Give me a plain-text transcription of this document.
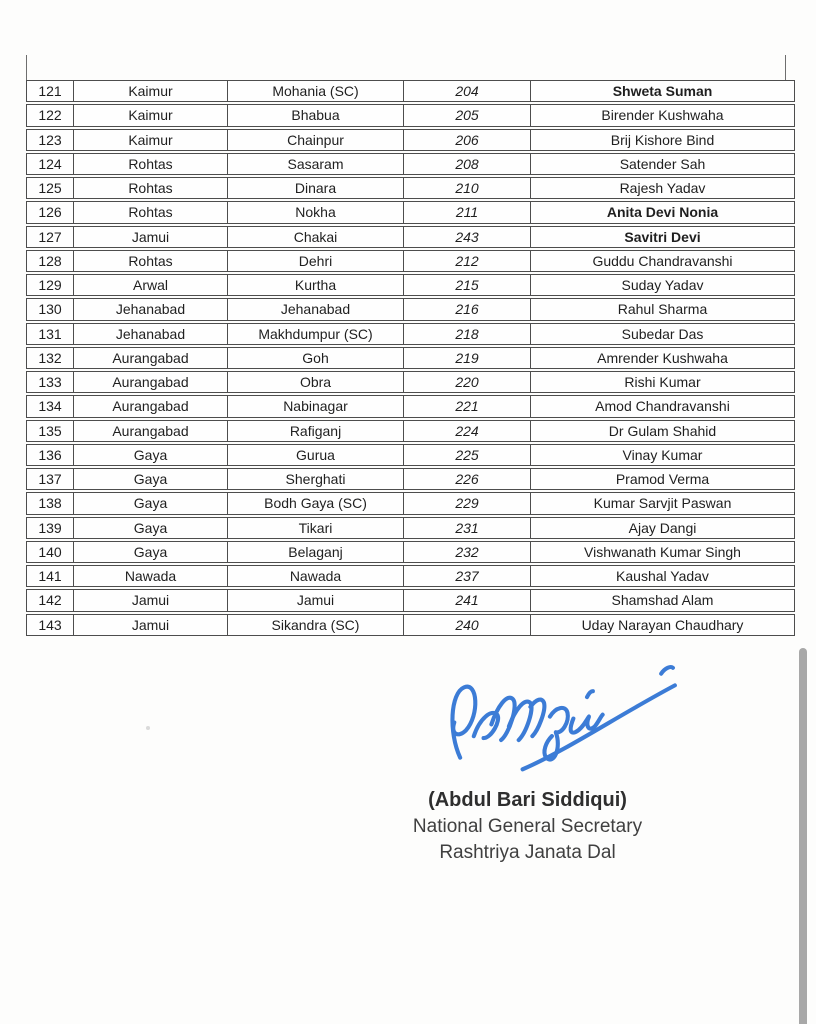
121	Kaimur	Mohania (SC)	204	Shweta Suman
122	Kaimur	Bhabua	205	Birender Kushwaha
123	Kaimur	Chainpur	206	Brij Kishore Bind
124	Rohtas	Sasaram	208	Satender Sah
125	Rohtas	Dinara	210	Rajesh Yadav
126	Rohtas	Nokha	211	Anita Devi Nonia
127	Jamui	Chakai	243	Savitri Devi
128	Rohtas	Dehri	212	Guddu Chandravanshi
129	Arwal	Kurtha	215	Suday Yadav
130	Jehanabad	Jehanabad	216	Rahul Sharma
131	Jehanabad	Makhdumpur (SC)	218	Subedar Das
132	Aurangabad	Goh	219	Amrender Kushwaha
133	Aurangabad	Obra	220	Rishi Kumar
134	Aurangabad	Nabinagar	221	Amod Chandravanshi
135	Aurangabad	Rafiganj	224	Dr Gulam Shahid
136	Gaya	Gurua	225	Vinay Kumar
137	Gaya	Sherghati	226	Pramod Verma
138	Gaya	Bodh Gaya (SC)	229	Kumar Sarvjit Paswan
139	Gaya	Tikari	231	Ajay Dangi
140	Gaya	Belaganj	232	Vishwanath Kumar Singh
141	Nawada	Nawada	237	Kaushal Yadav
142	Jamui	Jamui	241	Shamshad Alam
143	Jamui	Sikandra (SC)	240	Uday Narayan Chaudhary
(Abdul Bari Siddiqui)
National General Secretary
Rashtriya Janata Dal
